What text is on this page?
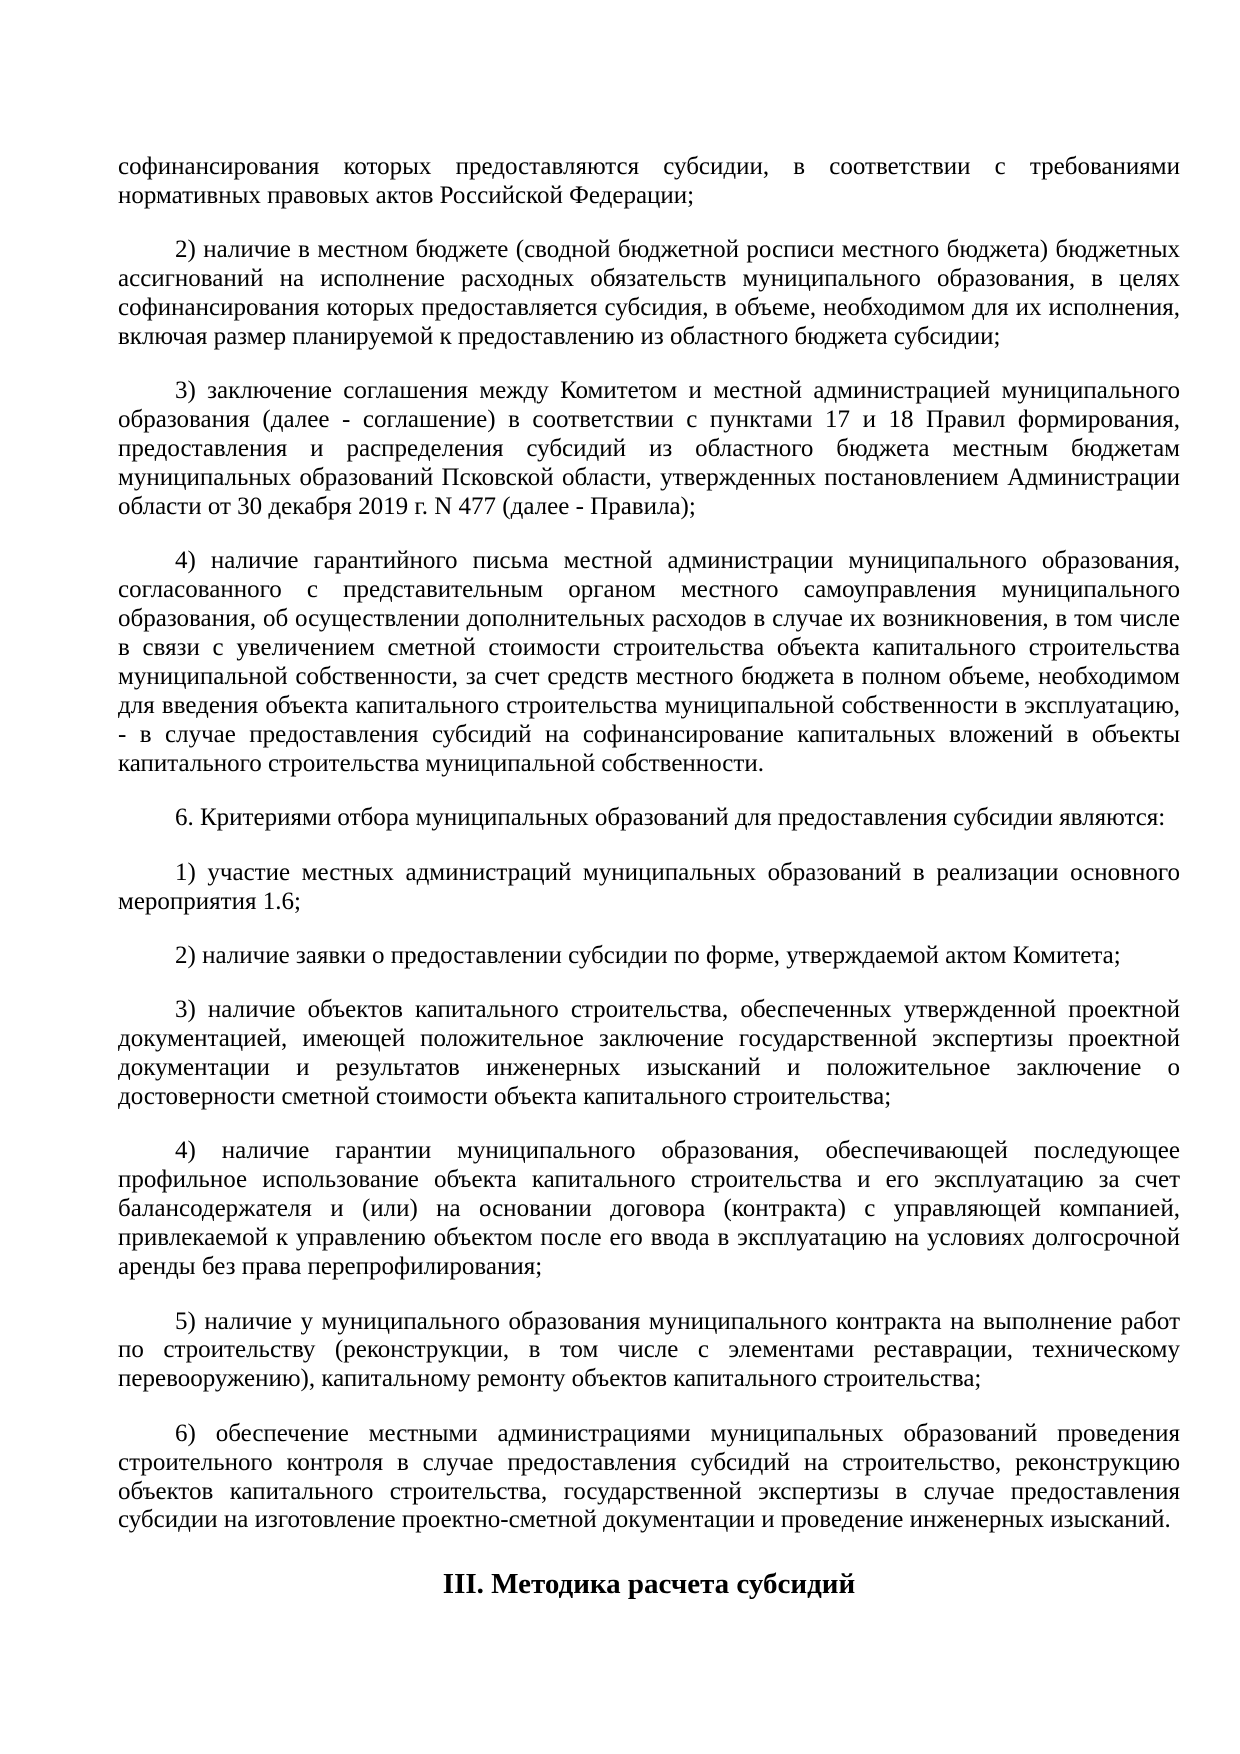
софинансирования которых предоставляются субсидии, в соответствии с требованиями
нормативных правовых актов Российской Федерации;
2) наличие в местном бюджете (сводной бюджетной росписи местного бюджета) бюджетных
ассигнований на исполнение расходных обязательств муниципального образования, в целях
софинансирования которых предоставляется субсидия, в объеме, необходимом для их исполнения,
включая размер планируемой к предоставлению из областного бюджета субсидии;
3) заключение соглашения между Комитетом и местной администрацией муниципального
образования (далее - соглашение) в соответствии с пунктами 17 и 18 Правил формирования,
предоставления и распределения субсидий из областного бюджета местным бюджетам
муниципальных образований Псковской области, утвержденных постановлением Администрации
области от 30 декабря 2019 г. N 477 (далее - Правила);
4) наличие гарантийного письма местной администрации муниципального образования,
согласованного с представительным органом местного самоуправления муниципального
образования, об осуществлении дополнительных расходов в случае их возникновения, в том числе
в связи с увеличением сметной стоимости строительства объекта капитального строительства
муниципальной собственности, за счет средств местного бюджета в полном объеме, необходимом
для введения объекта капитального строительства муниципальной собственности в эксплуатацию,
- в случае предоставления субсидий на софинансирование капитальных вложений в объекты
капитального строительства муниципальной собственности.
6. Критериями отбора муниципальных образований для предоставления субсидии являются:
1) участие местных администраций муниципальных образований в реализации основного
мероприятия 1.6;
2) наличие заявки о предоставлении субсидии по форме, утверждаемой актом Комитета;
3) наличие объектов капитального строительства, обеспеченных утвержденной проектной
документацией, имеющей положительное заключение государственной экспертизы проектной
документации и результатов инженерных изысканий и положительное заключение о
достоверности сметной стоимости объекта капитального строительства;
4) наличие гарантии муниципального образования, обеспечивающей последующее
профильное использование объекта капитального строительства и его эксплуатацию за счет
балансодержателя и (или) на основании договора (контракта) с управляющей компанией,
привлекаемой к управлению объектом после его ввода в эксплуатацию на условиях долгосрочной
аренды без права перепрофилирования;
5) наличие у муниципального образования муниципального контракта на выполнение работ
по строительству (реконструкции, в том числе с элементами реставрации, техническому
перевооружению), капитальному ремонту объектов капитального строительства;
6) обеспечение местными администрациями муниципальных образований проведения
строительного контроля в случае предоставления субсидий на строительство, реконструкцию
объектов капитального строительства, государственной экспертизы в случае предоставления
субсидии на изготовление проектно-сметной документации и проведение инженерных изысканий.
III. Методика расчета субсидий
